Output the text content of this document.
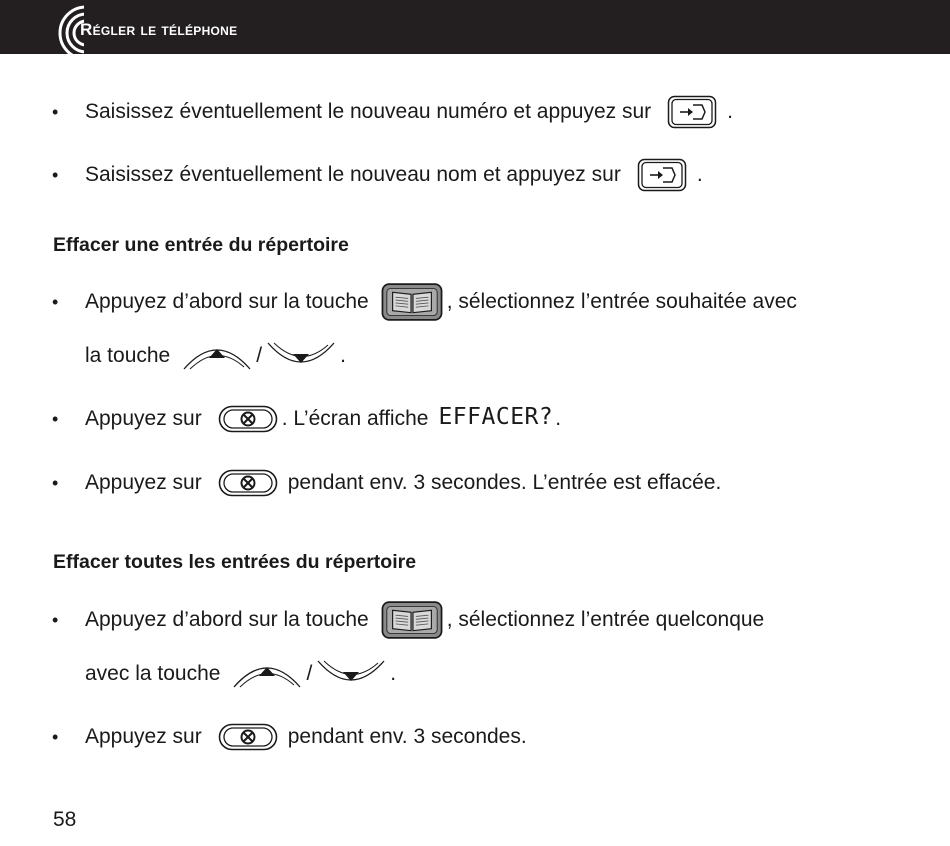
Régler le téléphone
• Saisissez éventuellement le nouveau numéro et appuyez sur	.
• Saisissez éventuellement le nouveau nom et appuyez sur	.
Effacer une entrée du répertoire
• Appuyez d’abord sur la touche	, sélectionnez l’entrée souhaitée avec
la touche	/	.
• Appuyez sur	. L’écran affiche EFFACER? .
• Appuyez sur	pendant env. 3 secondes. L’entrée est effacée.
Effacer toutes les entrées du répertoire
• Appuyez d’abord sur la touche	, sélectionnez l’entrée quelconque
avec la touche	/	.
• Appuyez sur	pendant env. 3 secondes.
58
